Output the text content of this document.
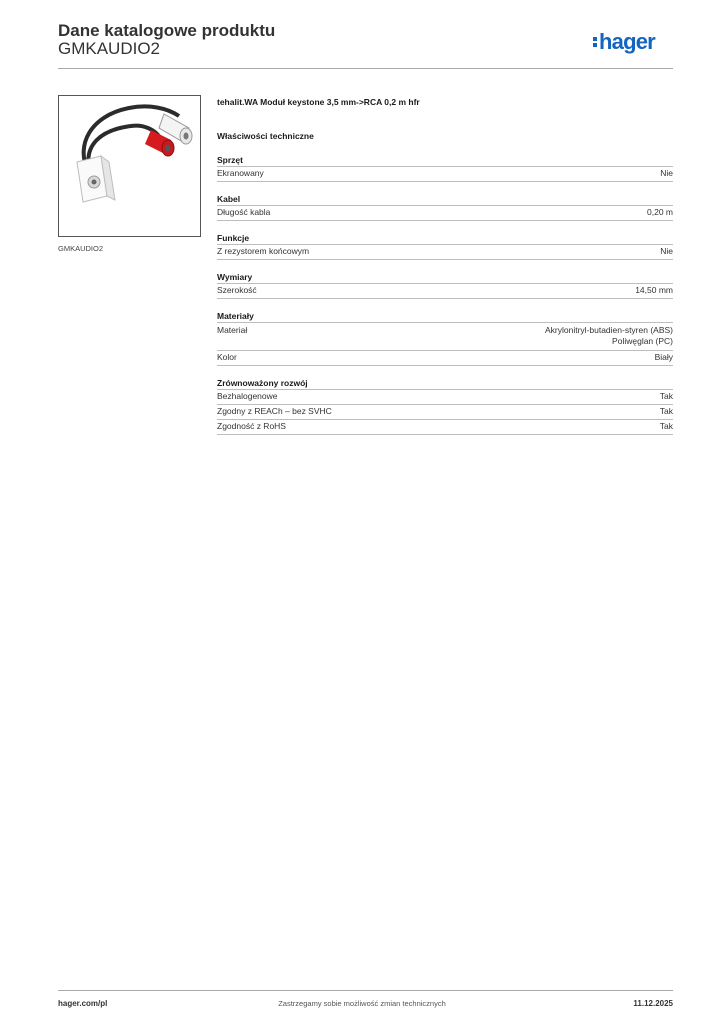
Dane katalogowe produktu
GMKAUDIO2	hager
GMKAUDIO2
tehalit.WA Moduł keystone 3,5 mm->RCA 0,2 m hfr
Właściwości techniczne
Sprzęt
Ekranowany	Nie
Kabel
Długość kabla	0,20 m
Funkcje
Z rezystorem końcowym	Nie
Wymiary
Szerokość	14,50 mm
Materiały
Materiał	Akrylonitryl-butadien-styren (ABS)
Poliwęglan (PC)
Kolor	Biały
Zrównoważony rozwój
Bezhalogenowe	Tak
Zgodny z REACh – bez SVHC	Tak
Zgodność z RoHS	Tak
hager.com/pl	Zastrzegamy sobie możliwość zmian technicznych	11.12.2025
